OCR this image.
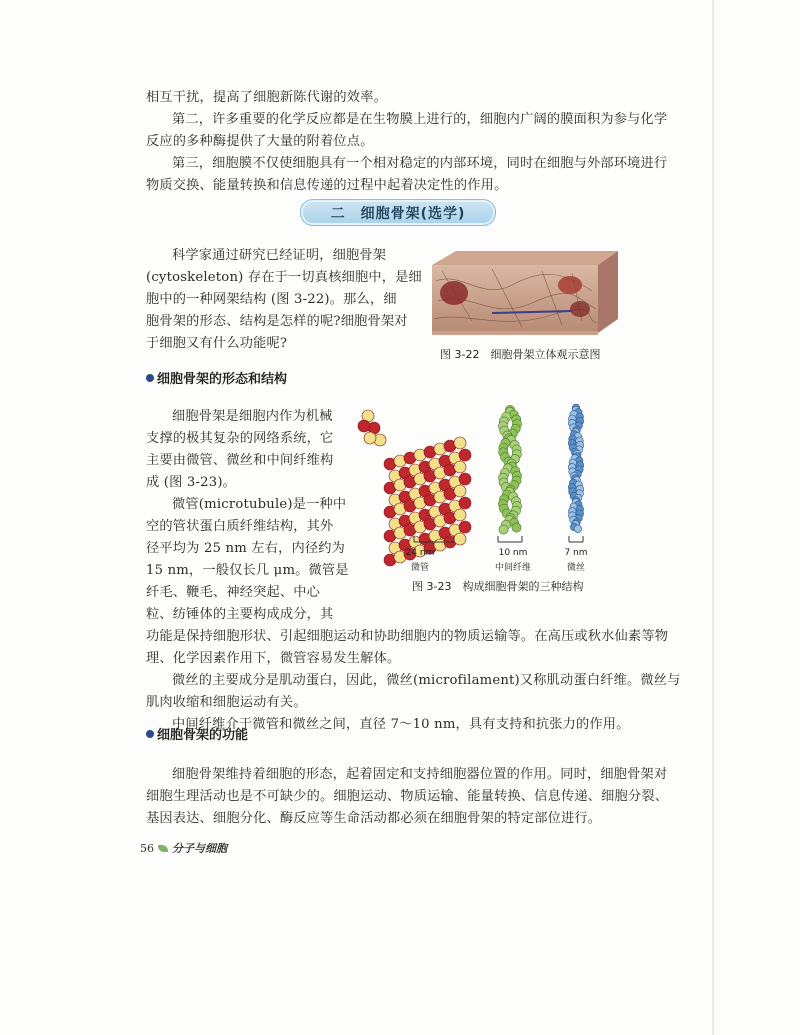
相互干扰，提高了细胞新陈代谢的效率。

第二，许多重要的化学反应都是在生物膜上进行的，细胞内广阔的膜面积为参与化学

反应的多种酶提供了大量的附着位点。

第三，细胞膜不仅使细胞具有一个相对稳定的内部环境，同时在细胞与外部环境进行

物质交换、能量转换和信息传递的过程中起着决定性的作用。

二　细胞骨架(选学)

科学家通过研究已经证明，细胞骨架

(cytoskeleton) 存在于一切真核细胞中，是细

胞中的一种网架结构 (图 3-22)。那么，细

胞骨架的形态、结构是怎样的呢?细胞骨架对

于细胞又有什么功能呢?

图 3-22　细胞骨架立体观示意图
细胞骨架的形态和结构

细胞骨架是细胞内作为机械

支撑的极其复杂的网络系统，它

主要由微管、微丝和中间纤维构

成 (图 3-23)。

微管(microtubule)是一种中

空的管状蛋白质纤维结构，其外

径平均为 25 nm 左右，内径约为

15 nm，一般仅长几 μm。微管是

纤毛、鞭毛、神经突起、中心

粒、纺锤体的主要构成成分，其

功能是保持细胞形状、引起细胞运动和协助细胞内的物质运输等。在高压或秋水仙素等物

理、化学因素作用下，微管容易发生解体。

微丝的主要成分是肌动蛋白，因此，微丝(microfilament)又称肌动蛋白纤维。微丝与

肌肉收缩和细胞运动有关。

中间纤维介于微管和微丝之间，直径 7～10 nm，具有支持和抗张力的作用。

24 nm
微管
10 nm
中间纤维
7 nm
微丝
图 3-23　构成细胞骨架的三种结构
细胞骨架的功能

细胞骨架维持着细胞的形态，起着固定和支持细胞器位置的作用。同时，细胞骨架对

细胞生理活动也是不可缺少的。细胞运动、物质运输、能量转换、信息传递、细胞分裂、

基因表达、细胞分化、酶反应等生命活动都必须在细胞骨架的特定部位进行。

56 分子与细胞
